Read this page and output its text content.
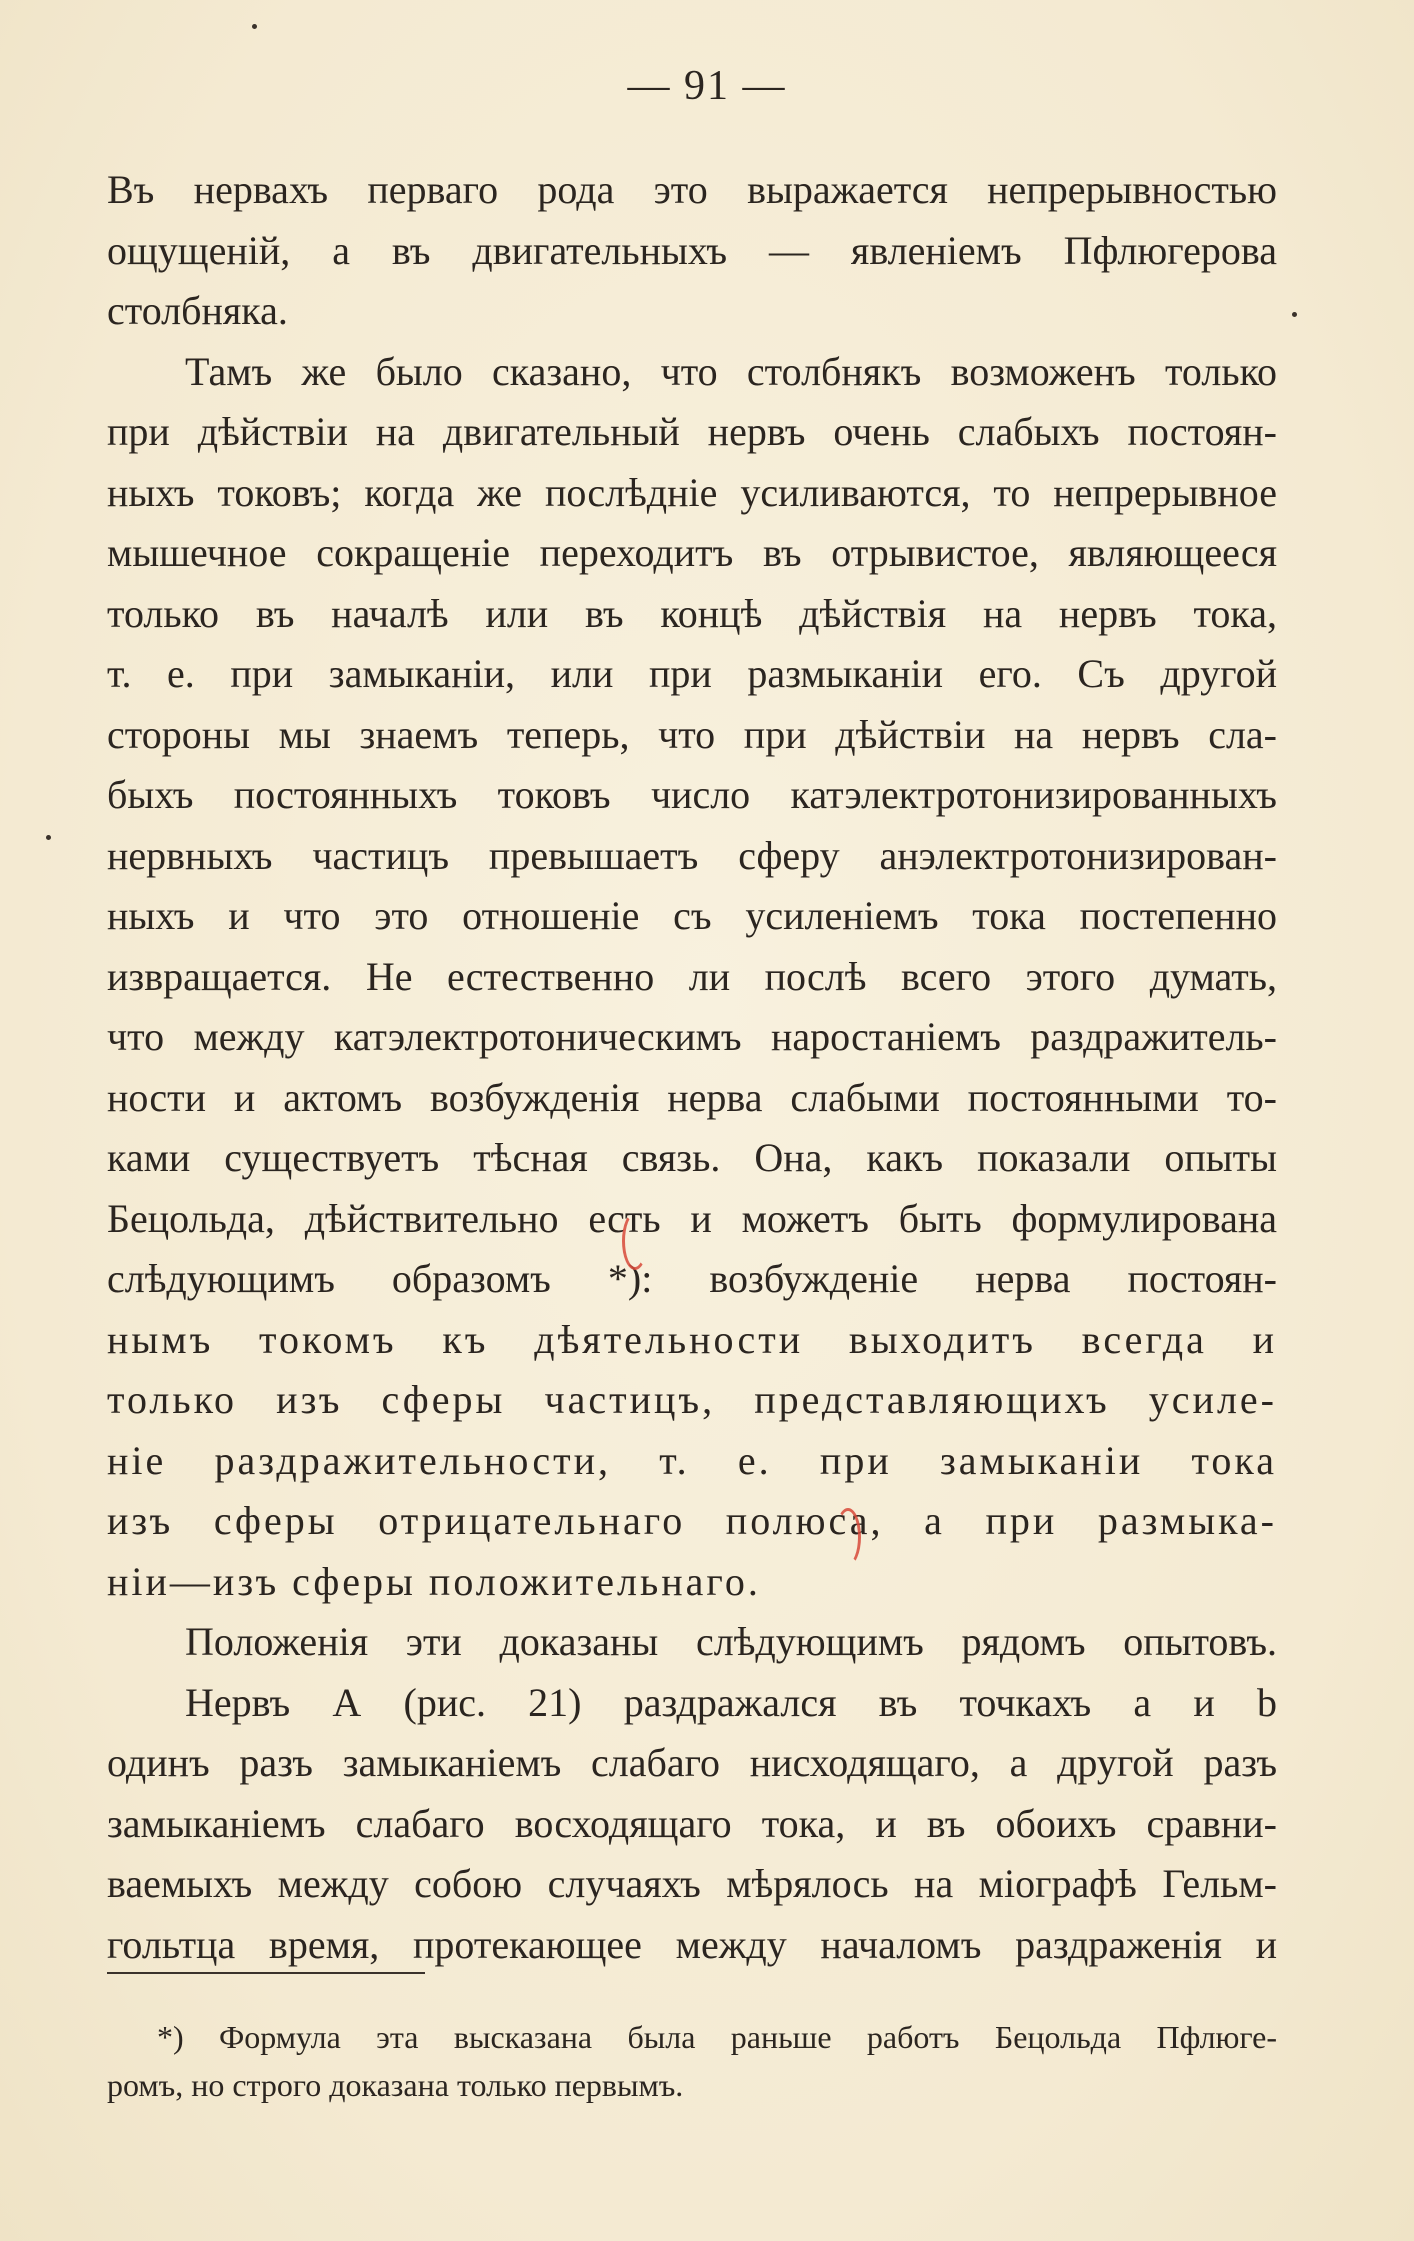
— 91 —
Въ нервахъ перваго рода это выражается непрерывностью
ощущеній, а въ двигательныхъ — явленіемъ Пфлюгерова
столбняка.
Тамъ же было сказано, что столбнякъ возможенъ только
при дѣйствіи на двигательный нервъ очень слабыхъ постоян-
ныхъ токовъ; когда же послѣдніе усиливаются, то непрерывное
мышечное сокращеніе переходитъ въ отрывистое, являющееся
только въ началѣ или въ концѣ дѣйствія на нервъ тока,
т. е. при замыканіи, или при размыканіи его. Съ другой
стороны мы знаемъ теперь, что при дѣйствіи на нервъ сла-
быхъ постоянныхъ токовъ число катэлектротонизированныхъ
нервныхъ частицъ превышаетъ сферу анэлектротонизирован-
ныхъ и что это отношеніе съ усиленіемъ тока постепенно
извращается. Не естественно ли послѣ всего этого думать,
что между катэлектротоническимъ наростаніемъ раздражитель-
ности и актомъ возбужденія нерва слабыми постоянными то-
ками существуетъ тѣсная связь. Она, какъ показали опыты
Бецольда, дѣйствительно есть и можетъ быть формулирована
слѣдующимъ образомъ *): возбужденіе нерва постоян-
нымъ токомъ къ дѣятельности выходитъ всегда и
только изъ сферы частицъ, представляющихъ усиле-
ніе раздражительности, т. е. при замыканіи тока
изъ сферы отрицательнаго полюса, а при размыка-
ніи—изъ сферы положительнаго.
Положенія эти доказаны слѣдующимъ рядомъ опытовъ.
Нервъ А (рис. 21) раздражался въ точкахъ а и b
одинъ разъ замыканіемъ слабаго нисходящаго, а другой разъ
замыканіемъ слабаго восходящаго тока, и въ обоихъ сравни-
ваемыхъ между собою случаяхъ мѣрялось на міографѣ Гельм-
гольтца время, протекающее между началомъ раздраженія и
*) Формула эта высказана была раньше работъ Бецольда Пфлюге-
ромъ, но строго доказана только первымъ.
